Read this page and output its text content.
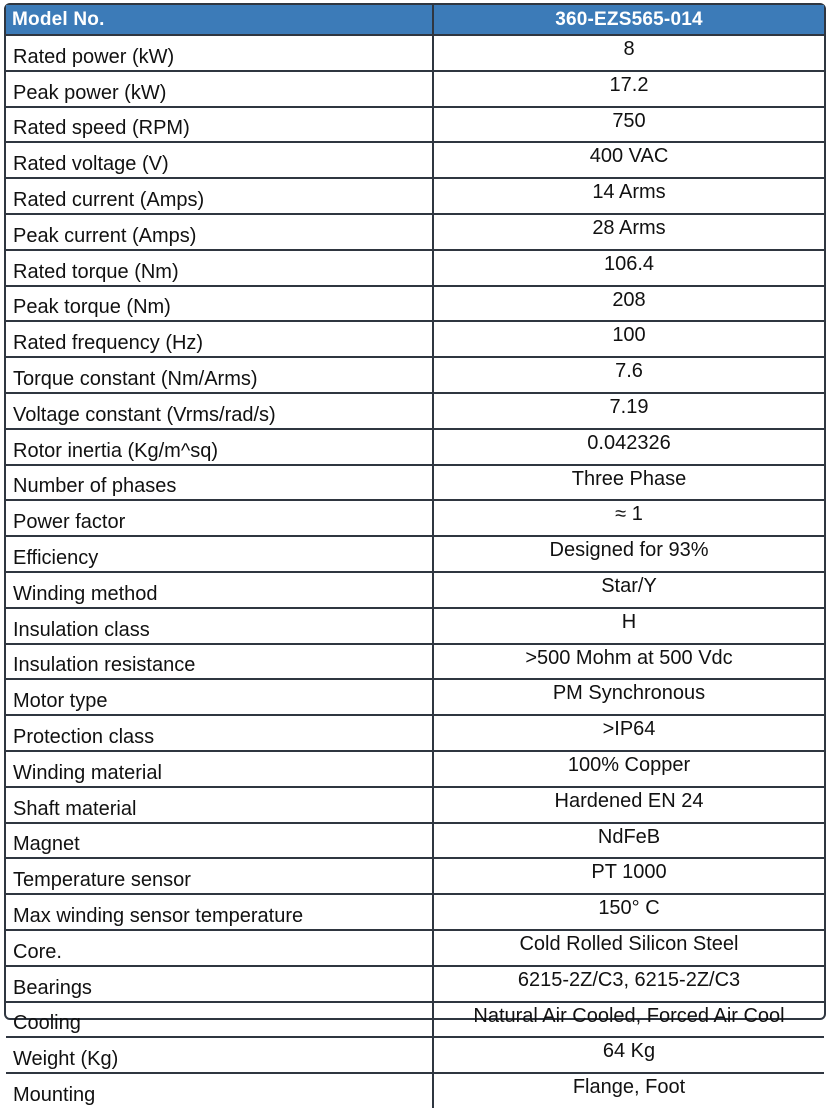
Model No.	360-EZS565-014
Rated power (kW)	8
Peak power (kW)	17.2
Rated speed (RPM)	750
Rated voltage (V)	400 VAC
Rated current (Amps)	14 Arms
Peak current (Amps)	28 Arms
Rated torque (Nm)	106.4
Peak torque (Nm)	208
Rated frequency (Hz)	100
Torque constant (Nm/Arms)	7.6
Voltage constant (Vrms/rad/s)	7.19
Rotor inertia (Kg/m^sq)	0.042326
Number of phases	Three Phase
Power factor	≈ 1
Efficiency	Designed for 93%
Winding method	Star/Y
Insulation class	H
Insulation resistance	>500 Mohm at 500 Vdc
Motor type	PM Synchronous
Protection class	>IP64
Winding material	100% Copper
Shaft material	Hardened EN 24
Magnet	NdFeB
Temperature sensor	PT 1000
Max winding sensor temperature	150° C
Core.	Cold Rolled Silicon Steel
Bearings	6215-2Z/C3, 6215-2Z/C3
Cooling	Natural Air Cooled, Forced Air Cool
Weight (Kg)	64 Kg
Mounting	Flange, Foot
